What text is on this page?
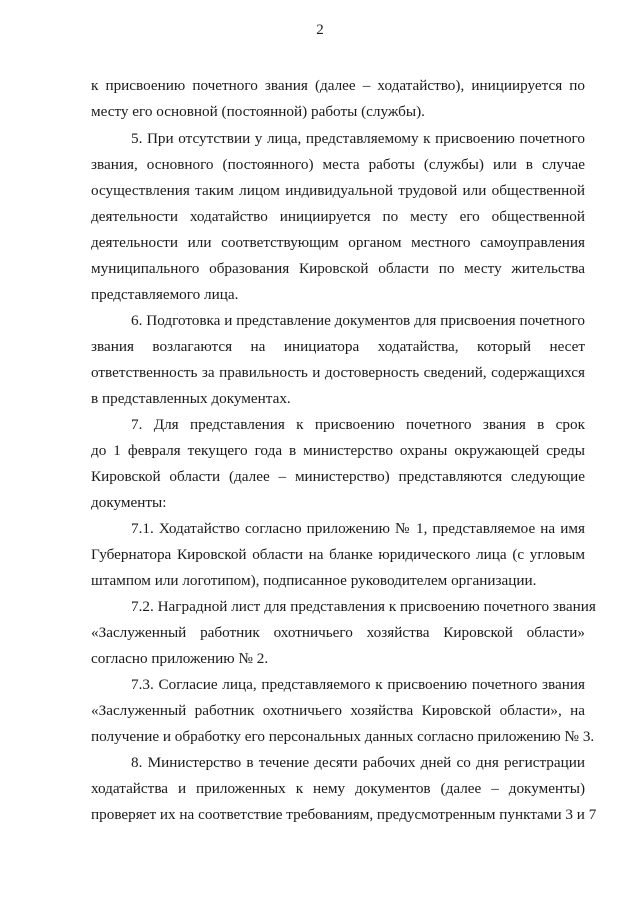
2
к присвоению почетного звания (далее – ходатайство), инициируется по
месту его основной (постоянной) работы (службы).
5. При отсутствии у лица, представляемому к присвоению почетного
звания, основного (постоянного) места работы (службы) или в случае
осуществления таким лицом индивидуальной трудовой или общественной
деятельности ходатайство инициируется по месту его общественной
деятельности или соответствующим органом местного самоуправления
муниципального образования Кировской области по месту жительства
представляемого лица.
6. Подготовка и представление документов для присвоения почетного
звания возлагаются на инициатора ходатайства, который несет
ответственность за правильность и достоверность сведений, содержащихся
в представленных документах.
7. Для представления к присвоению почетного звания в срок
до 1 февраля текущего года в министерство охраны окружающей среды
Кировской области (далее – министерство) представляются следующие
документы:
7.1. Ходатайство согласно приложению № 1, представляемое на имя
Губернатора Кировской области на бланке юридического лица (с угловым
штампом или логотипом), подписанное руководителем организации.
7.2. Наградной лист для представления к присвоению почетного звания
«Заслуженный работник охотничьего хозяйства Кировской области»
согласно приложению № 2.
7.3. Согласие лица, представляемого к присвоению почетного звания
«Заслуженный работник охотничьего хозяйства Кировской области», на
получение и обработку его персональных данных согласно приложению № 3.
8. Министерство в течение десяти рабочих дней со дня регистрации
ходатайства и приложенных к нему документов (далее – документы)
проверяет их на соответствие требованиям, предусмотренным пунктами 3 и 7
